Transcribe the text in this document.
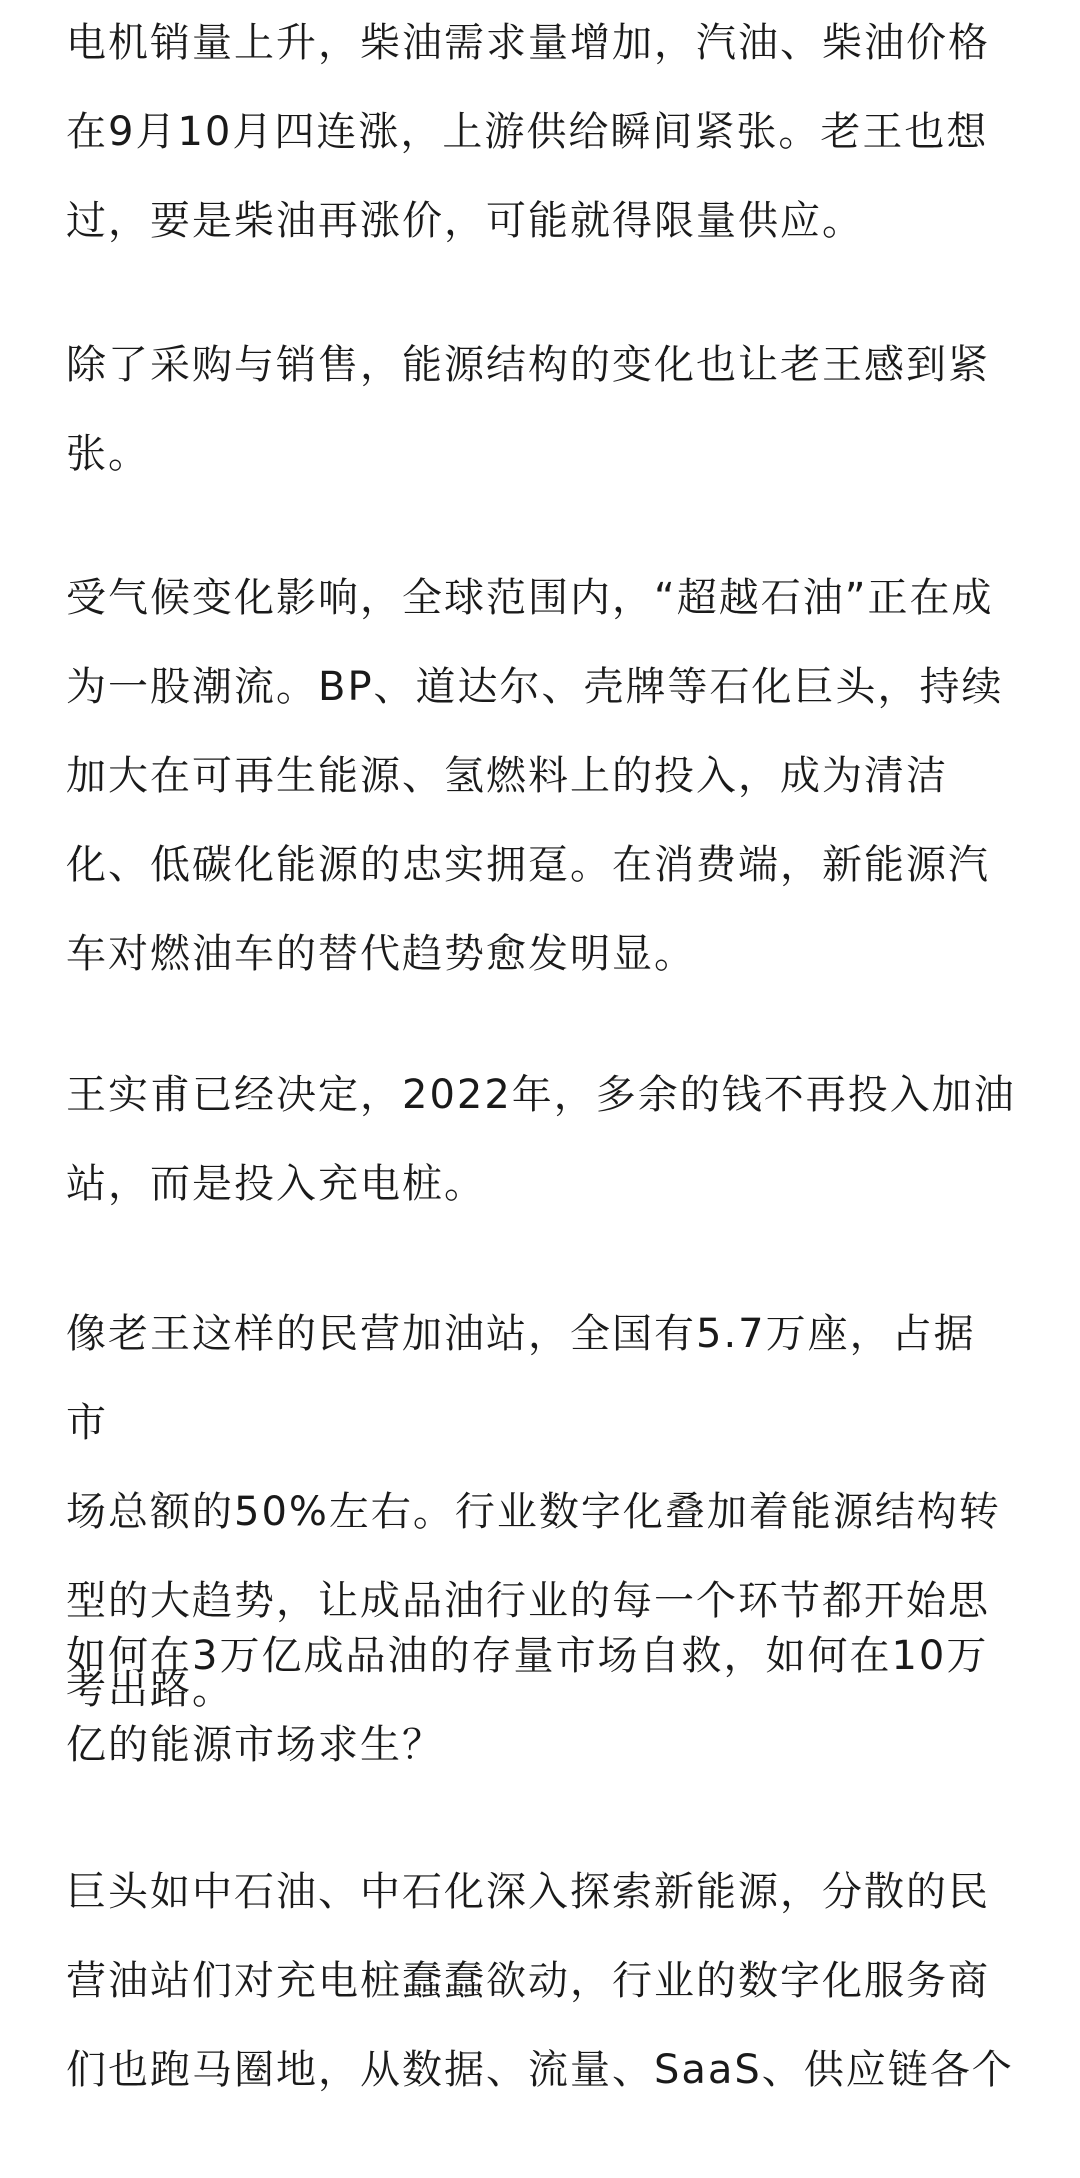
电机销量上升，柴油需求量增加，汽油、柴油价格
在9月10月四连涨，上游供给瞬间紧张。老王也想
过，要是柴油再涨价，可能就得限量供应。

除了采购与销售，能源结构的变化也让老王感到紧
张。

受气候变化影响，全球范围内，“超越石油”正在成
为一股潮流。BP、道达尔、壳牌等石化巨头，持续
加大在可再生能源、氢燃料上的投入，成为清洁
化、低碳化能源的忠实拥趸。在消费端，新能源汽
车对燃油车的替代趋势愈发明显。

王实甫已经决定，2022年，多余的钱不再投入加油
站，而是投入充电桩。

像老王这样的民营加油站，全国有5.7万座，占据市
场总额的50%左右。行业数字化叠加着能源结构转
型的大趋势，让成品油行业的每一个环节都开始思
考出路。

如何在3万亿成品油的存量市场自救，如何在10万
亿的能源市场求生？

巨头如中石油、中石化深入探索新能源，分散的民
营油站们对充电桩蠢蠢欲动，行业的数字化服务商
们也跑马圈地，从数据、流量、SaaS、供应链各个
